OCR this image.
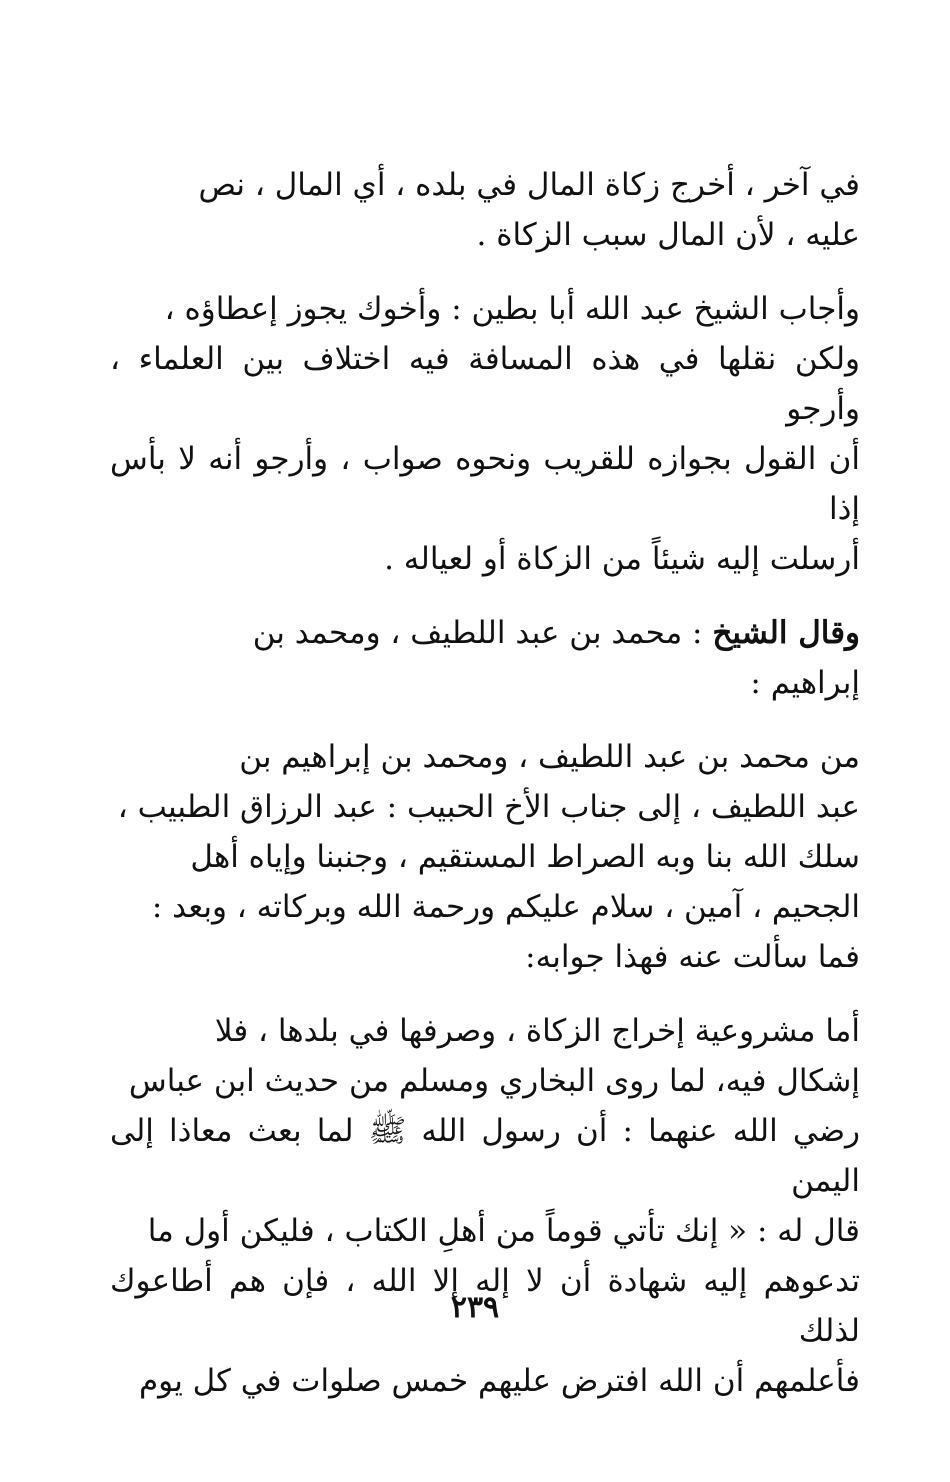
في آخر ، أخرج زكاة المال في بلده ، أي المال ، نص
عليه ، لأن المال سبب الزكاة .

وأجاب الشيخ عبد الله أبا بطين : وأخوك يجوز إعطاؤه ،
ولكن نقلها في هذه المسافة فيه اختلاف بين العلماء ، وأرجو
أن القول بجوازه للقريب ونحوه صواب ، وأرجو أنه لا بأس إذا
أرسلت إليه شيئاً من الزكاة أو لعياله .

وقال الشيخ : محمد بن عبد اللطيف ، ومحمد بن
إبراهيم :

من محمد بن عبد اللطيف ، ومحمد بن إبراهيم بن
عبد اللطيف ، إلى جناب الأخ الحبيب : عبد الرزاق الطبيب ،
سلك الله بنا وبه الصراط المستقيم ، وجنبنا وإياه أهل
الجحيم ، آمين ، سلام عليكم ورحمة الله وبركاته ، وبعد :
فما سألت عنه فهذا جوابه:

أما مشروعية إخراج الزكاة ، وصرفها في بلدها ، فلا
إشكال فيه، لما روى البخاري ومسلم من حديث ابن عباس
رضي الله عنهما : أن رسول الله ﷺ لما بعث معاذا إلى اليمن
قال له : « إنك تأتي قوماً من أهلِ الكتاب ، فليكن أول ما
تدعوهم إليه شهادة أن لا إله إلا الله ، فإن هم أطاعوك لذلك
فأعلمهم أن الله افترض عليهم خمس صلوات في كل يوم

٢٣٩
